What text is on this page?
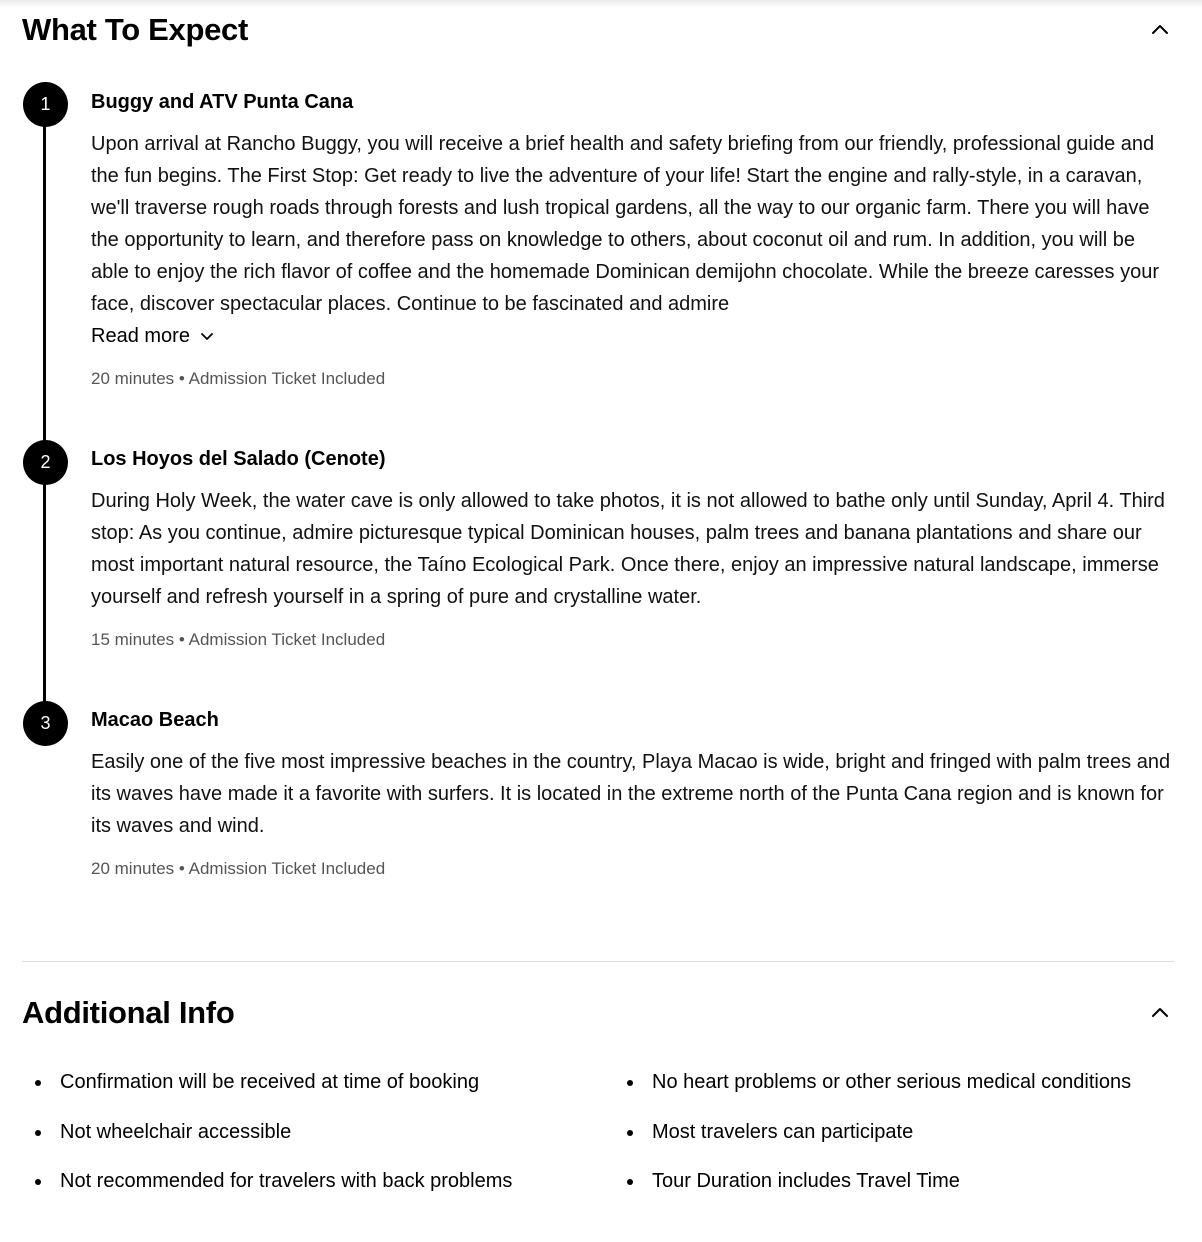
What To Expect
1	Buggy and ATV Punta Cana
Upon arrival at Rancho Buggy, you will receive a brief health and safety briefing from our friendly, professional guide and the fun begins. The First Stop: Get ready to live the adventure of your life! Start the engine and rally-style, in a caravan, we'll traverse rough roads through forests and lush tropical gardens, all the way to our organic farm. There you will have the opportunity to learn, and therefore pass on knowledge to others, about coconut oil and rum. In addition, you will be able to enjoy the rich flavor of coffee and the homemade Dominican demijohn chocolate. While the breeze caresses your face, discover spectacular places. Continue to be fascinated and admire
Read more
20 minutes • Admission Ticket Included
2	Los Hoyos del Salado (Cenote)
During Holy Week, the water cave is only allowed to take photos, it is not allowed to bathe only until Sunday, April 4. Third stop: As you continue, admire picturesque typical Dominican houses, palm trees and banana plantations and share our most important natural resource, the Taíno Ecological Park. Once there, enjoy an impressive natural landscape, immerse yourself and refresh yourself in a spring of pure and crystalline water.
15 minutes • Admission Ticket Included
3	Macao Beach
Easily one of the five most impressive beaches in the country, Playa Macao is wide, bright and fringed with palm trees and its waves have made it a favorite with surfers. It is located in the extreme north of the Punta Cana region and is known for its waves and wind.
20 minutes • Admission Ticket Included
Additional Info
Confirmation will be received at time of booking
Not wheelchair accessible
Not recommended for travelers with back problems
No heart problems or other serious medical conditions
Most travelers can participate
Tour Duration includes Travel Time
